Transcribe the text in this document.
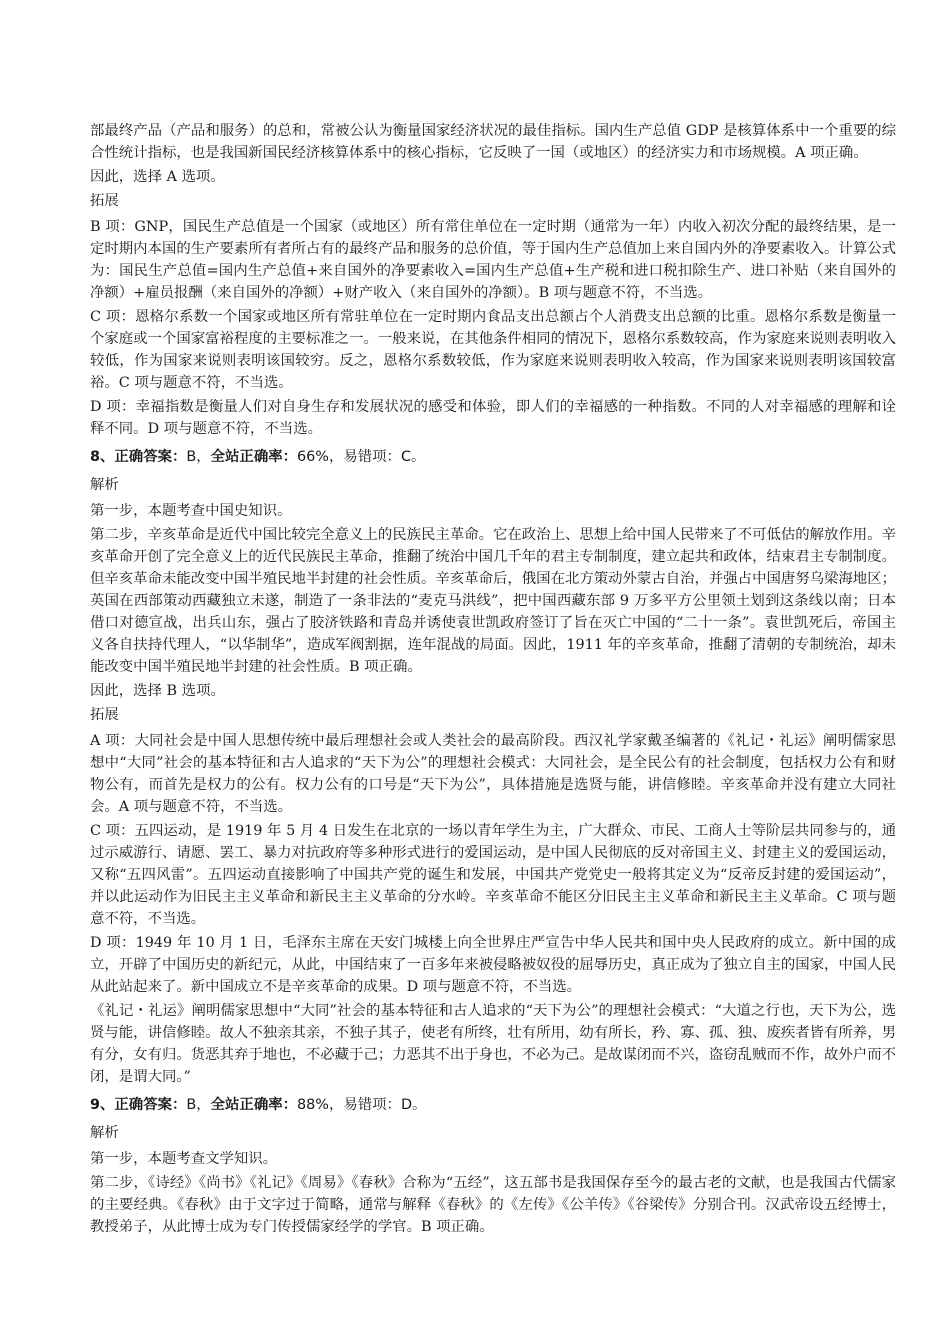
部最终产品（产品和服务）的总和，常被公认为衡量国家经济状况的最佳指标。国内生产总值 GDP 是核算体系中一个重要的综合性统计指标，也是我国新国民经济核算体系中的核心指标，它反映了一国（或地区）的经济实力和市场规模。A 项正确。

因此，选择 A 选项。

拓展

B 项：GNP，国民生产总值是一个国家（或地区）所有常住单位在一定时期（通常为一年）内收入初次分配的最终结果，是一定时期内本国的生产要素所有者所占有的最终产品和服务的总价值，等于国内生产总值加上来自国内外的净要素收入。计算公式为：国民生产总值=国内生产总值+来自国外的净要素收入=国内生产总值+生产税和进口税扣除生产、进口补贴（来自国外的净额）+雇员报酬（来自国外的净额）+财产收入（来自国外的净额）。B 项与题意不符，不当选。

C 项：恩格尔系数一个国家或地区所有常驻单位在一定时期内食品支出总额占个人消费支出总额的比重。恩格尔系数是衡量一个家庭或一个国家富裕程度的主要标准之一。一般来说，在其他条件相同的情况下，恩格尔系数较高，作为家庭来说则表明收入较低，作为国家来说则表明该国较穷。反之，恩格尔系数较低，作为家庭来说则表明收入较高，作为国家来说则表明该国较富裕。C 项与题意不符，不当选。

D 项：幸福指数是衡量人们对自身生存和发展状况的感受和体验，即人们的幸福感的一种指数。不同的人对幸福感的理解和诠释不同。D 项与题意不符，不当选。

8、正确答案：B，全站正确率：66%，易错项：C。

解析

第一步，本题考查中国史知识。

第二步，辛亥革命是近代中国比较完全意义上的民族民主革命。它在政治上、思想上给中国人民带来了不可低估的解放作用。辛亥革命开创了完全意义上的近代民族民主革命，推翻了统治中国几千年的君主专制制度，建立起共和政体，结束君主专制制度。但辛亥革命未能改变中国半殖民地半封建的社会性质。辛亥革命后，俄国在北方策动外蒙古自治，并强占中国唐努乌梁海地区；英国在西部策动西藏独立未遂，制造了一条非法的“麦克马洪线”，把中国西藏东部 9 万多平方公里领土划到这条线以南；日本借口对德宣战，出兵山东，强占了胶济铁路和青岛并诱使袁世凯政府签订了旨在灭亡中国的“二十一条”。袁世凯死后，帝国主义各自扶持代理人，“以华制华”，造成军阀割据，连年混战的局面。因此，1911 年的辛亥革命，推翻了清朝的专制统治，却未能改变中国半殖民地半封建的社会性质。B 项正确。

因此，选择 B 选项。

拓展

A 项：大同社会是中国人思想传统中最后理想社会或人类社会的最高阶段。西汉礼学家戴圣编著的《礼记・礼运》阐明儒家思想中“大同”社会的基本特征和古人追求的“天下为公”的理想社会模式：大同社会，是全民公有的社会制度，包括权力公有和财物公有，而首先是权力的公有。权力公有的口号是“天下为公”，具体措施是选贤与能，讲信修睦。辛亥革命并没有建立大同社会。A 项与题意不符，不当选。

C 项：五四运动，是 1919 年 5 月 4 日发生在北京的一场以青年学生为主，广大群众、市民、工商人士等阶层共同参与的，通过示威游行、请愿、罢工、暴力对抗政府等多种形式进行的爱国运动，是中国人民彻底的反对帝国主义、封建主义的爱国运动，又称“五四风雷”。五四运动直接影响了中国共产党的诞生和发展，中国共产党党史一般将其定义为“反帝反封建的爱国运动”，并以此运动作为旧民主主义革命和新民主主义革命的分水岭。辛亥革命不能区分旧民主主义革命和新民主主义革命。C 项与题意不符，不当选。

D 项：1949 年 10 月 1 日，毛泽东主席在天安门城楼上向全世界庄严宣告中华人民共和国中央人民政府的成立。新中国的成立，开辟了中国历史的新纪元，从此，中国结束了一百多年来被侵略被奴役的屈辱历史，真正成为了独立自主的国家，中国人民从此站起来了。新中国成立不是辛亥革命的成果。D 项与题意不符，不当选。

《礼记・礼运》阐明儒家思想中“大同”社会的基本特征和古人追求的“天下为公”的理想社会模式：“大道之行也，天下为公，选贤与能，讲信修睦。故人不独亲其亲，不独子其子，使老有所终，壮有所用，幼有所长，矜、寡、孤、独、废疾者皆有所养，男有分，女有归。货恶其弃于地也，不必藏于己；力恶其不出于身也，不必为己。是故谋闭而不兴，盗窃乱贼而不作，故外户而不闭，是谓大同。”

9、正确答案：B，全站正确率：88%，易错项：D。

解析

第一步，本题考查文学知识。

第二步，《诗经》《尚书》《礼记》《周易》《春秋》合称为“五经”，这五部书是我国保存至今的最古老的文献，也是我国古代儒家的主要经典。《春秋》由于文字过于简略，通常与解释《春秋》的《左传》《公羊传》《谷梁传》分别合刊。汉武帝设五经博士，教授弟子，从此博士成为专门传授儒家经学的学官。B 项正确。
